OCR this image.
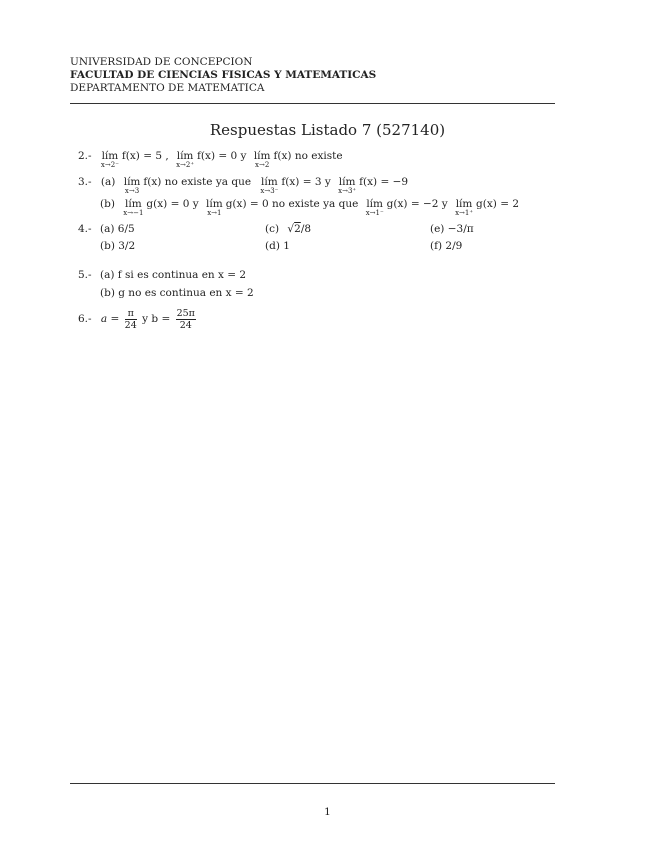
UNIVERSIDAD DE CONCEPCION
FACULTAD DE CIENCIAS FISICAS Y MATEMATICAS
DEPARTAMENTO DE MATEMATICA
Respuestas Listado 7 (527140)
2.- lím
x→2⁻
f(x) = 5 , lím
x→2⁺
f(x) = 0 y lím
x→2
f(x) no existe
3.- (a) lím
x→3
f(x) no existe ya que lím
x→3⁻
f(x) = 3 y lím
x→3⁺
f(x) = −9
(b) lím
x→−1
g(x) = 0 y lím
x→1
g(x) = 0 no existe ya que lím
x→1⁻
g(x) = −2 y lím
x→1⁺
g(x) = 2
4.- (a) 6/5
(b) 3/2
(c) √2/8
(d) 1
(e) −3/π
(f) 2/9
5.- (a) f si es continua en x = 2
(b) g no es continua en x = 2
6.- $a = \frac{\pi}{24}$ y $b = \frac{25\pi}{24}$
1
